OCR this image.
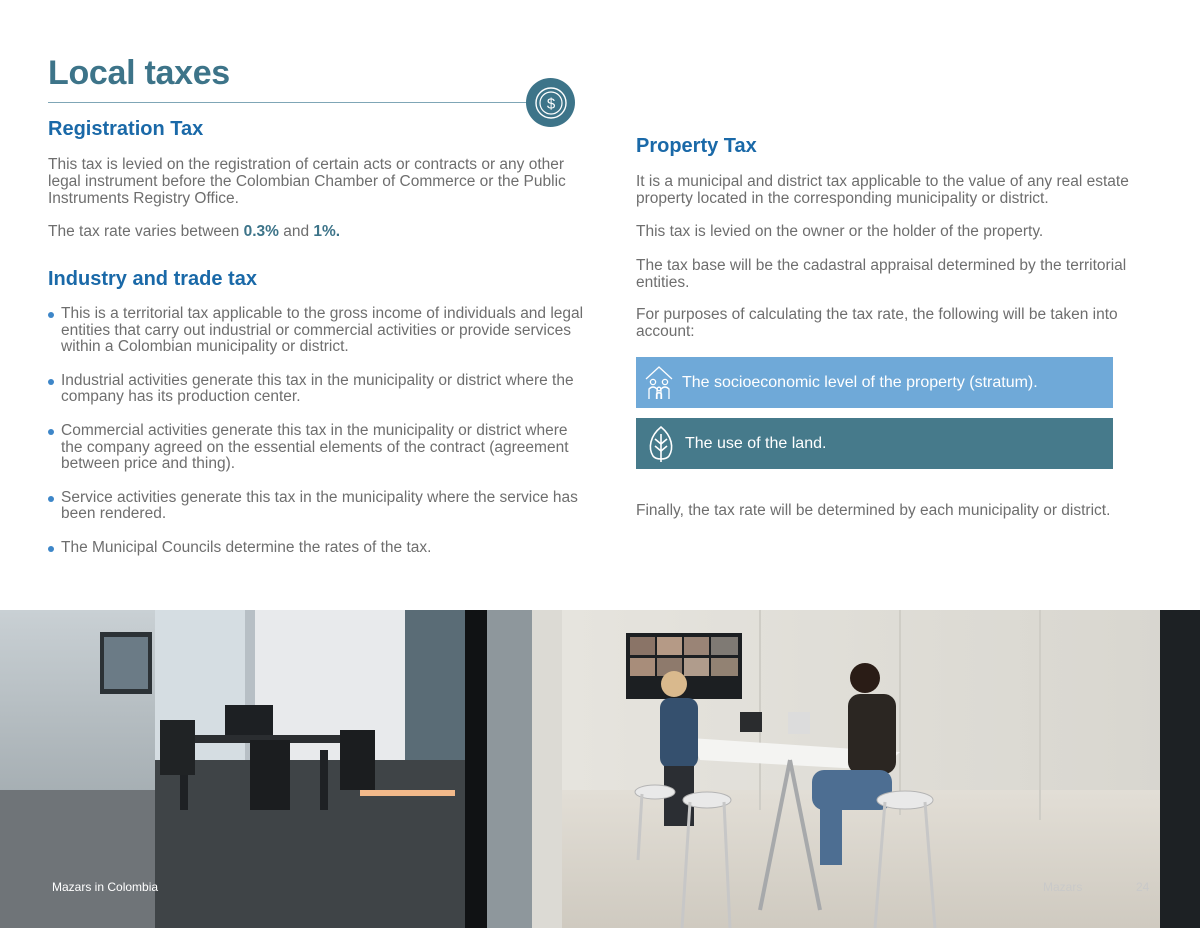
Local taxes
$
Registration Tax

This tax is levied on the registration of certain acts or contracts or any other legal instrument before the Colombian Chamber of Commerce or the Public Instruments Registry Office.

The tax rate varies between 0.3% and 1%.

Industry and trade tax
This is a territorial tax applicable to the gross income of individuals and legal entities that carry out industrial or commercial activities or provide services within a Colombian municipality or district.
Industrial activities generate this tax in the municipality or district where the company has its production center.
Commercial activities generate this tax in the municipality or district where the company agreed on the essential elements of the contract (agreement between price and thing).
Service activities generate this tax in the municipality where the service has been rendered.
The Municipal Councils determine the rates of the tax.
Property Tax

It is a municipal and district tax applicable to the value of any real estate property located in the corresponding municipality or district.

This tax is levied on the owner or the holder of the property.

The tax base will be the cadastral appraisal determined by the territorial entities.

For purposes of calculating the tax rate, the following will be taken into account:

The socioeconomic level of the property (stratum).
The use of the land.

Finally, the tax rate will be determined by each municipality or district.

Mazars in Colombia	Mazars	24
